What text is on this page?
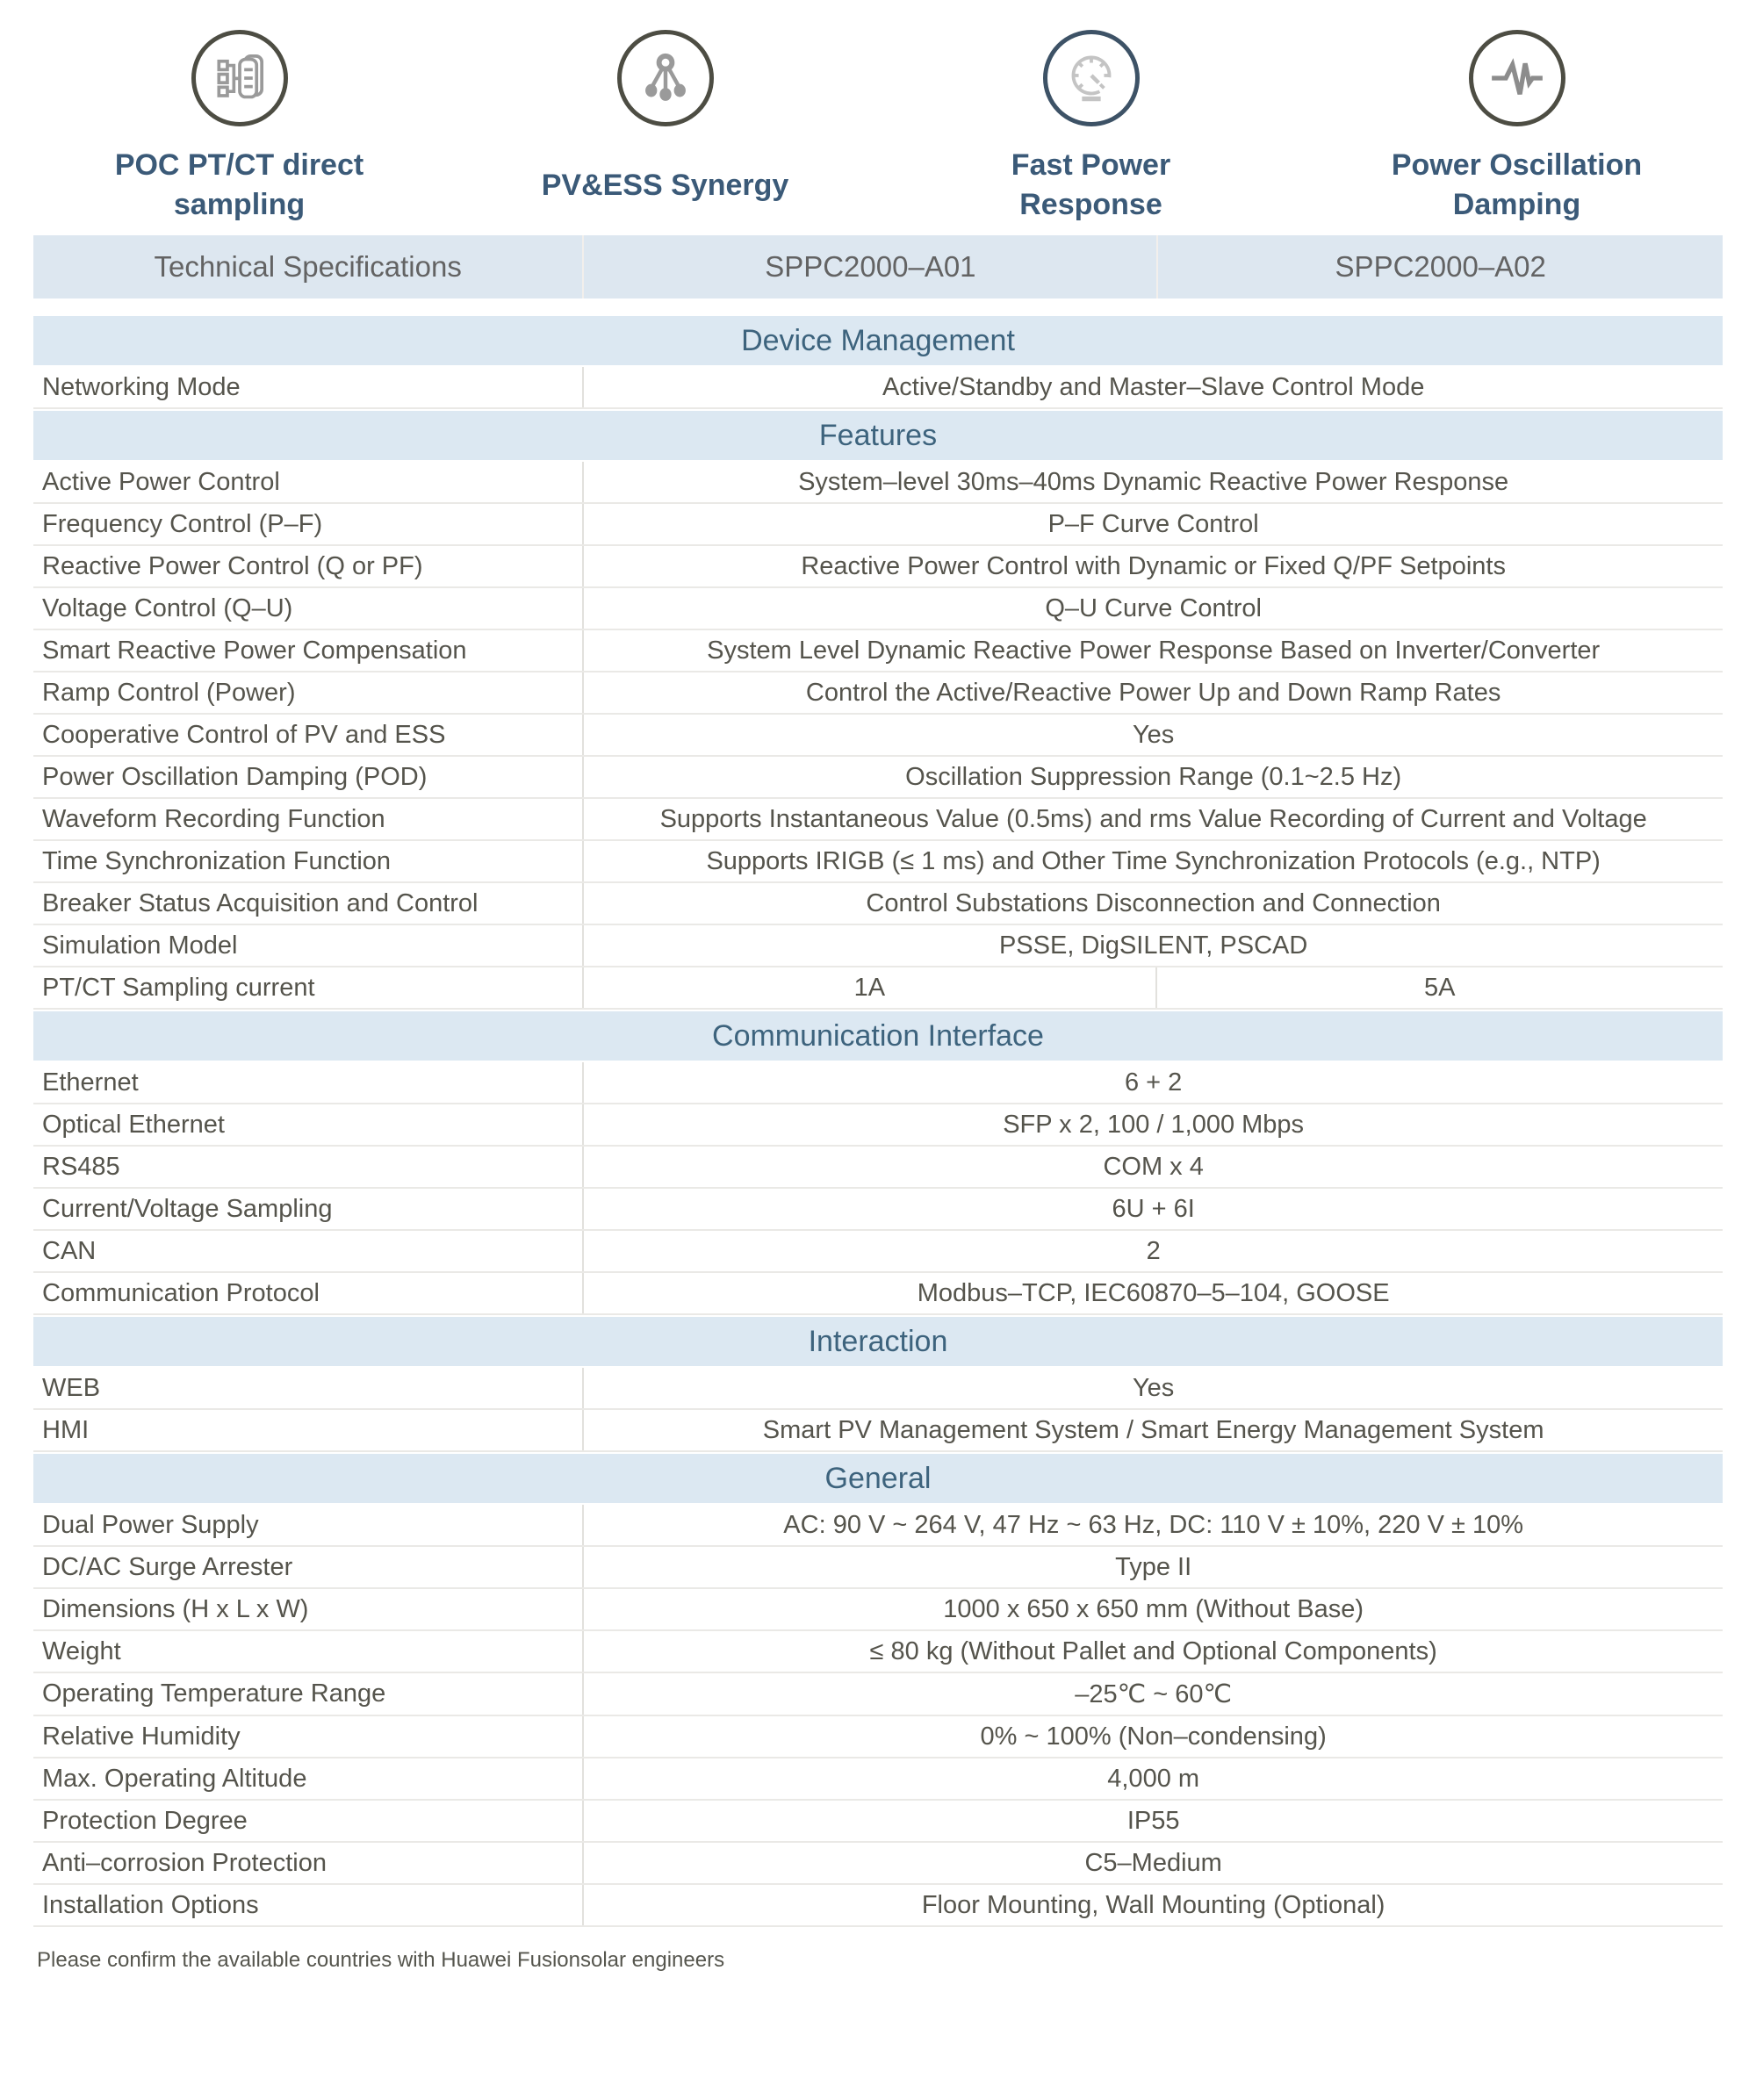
POC PT/CT direct sampling
PV&ESS Synergy
Fast Power Response
Power Oscillation Damping
Technical Specifications	SPPC2000–A01	SPPC2000–A02
Device Management
Networking Mode	Active/Standby and Master–Slave Control Mode
Features
Active Power Control	System–level 30ms–40ms Dynamic Reactive Power Response
Frequency Control (P–F)	P–F Curve Control
Reactive Power Control (Q or PF)	Reactive Power Control with Dynamic or Fixed Q/PF Setpoints
Voltage Control (Q–U)	Q–U Curve Control
Smart Reactive Power Compensation	System Level Dynamic Reactive Power Response Based on Inverter/Converter
Ramp Control (Power)	Control the Active/Reactive Power Up and Down Ramp Rates
Cooperative Control of PV and ESS	Yes
Power Oscillation Damping (POD)	Oscillation Suppression Range (0.1~2.5 Hz)
Waveform Recording Function	Supports Instantaneous Value (0.5ms) and rms Value Recording of Current and Voltage
Time Synchronization Function	Supports IRIGB (≤ 1 ms) and Other Time Synchronization Protocols (e.g., NTP)
Breaker Status Acquisition and Control	Control Substations Disconnection and Connection
Simulation Model	PSSE, DigSILENT, PSCAD
PT/CT Sampling current	1A	5A
Communication Interface
Ethernet	6 + 2
Optical Ethernet	SFP x 2, 100 / 1,000 Mbps
RS485	COM x 4
Current/Voltage Sampling	6U + 6I
CAN	2
Communication Protocol	Modbus–TCP, IEC60870–5–104, GOOSE
Interaction
WEB	Yes
HMI	Smart PV Management System / Smart Energy Management System
General
Dual Power Supply	AC: 90 V ~ 264 V, 47 Hz ~ 63 Hz, DC: 110 V ± 10%, 220 V ± 10%
DC/AC Surge Arrester	Type II
Dimensions (H x L x W)	1000 x 650 x 650 mm (Without Base)
Weight	≤ 80 kg (Without Pallet and Optional Components)
Operating Temperature Range	–25℃ ~ 60℃
Relative Humidity	0% ~ 100% (Non–condensing)
Max. Operating Altitude	4,000 m
Protection Degree	IP55
Anti–corrosion Protection	C5–Medium
Installation Options	Floor Mounting, Wall Mounting (Optional)
Please confirm the available countries with Huawei Fusionsolar engineers
